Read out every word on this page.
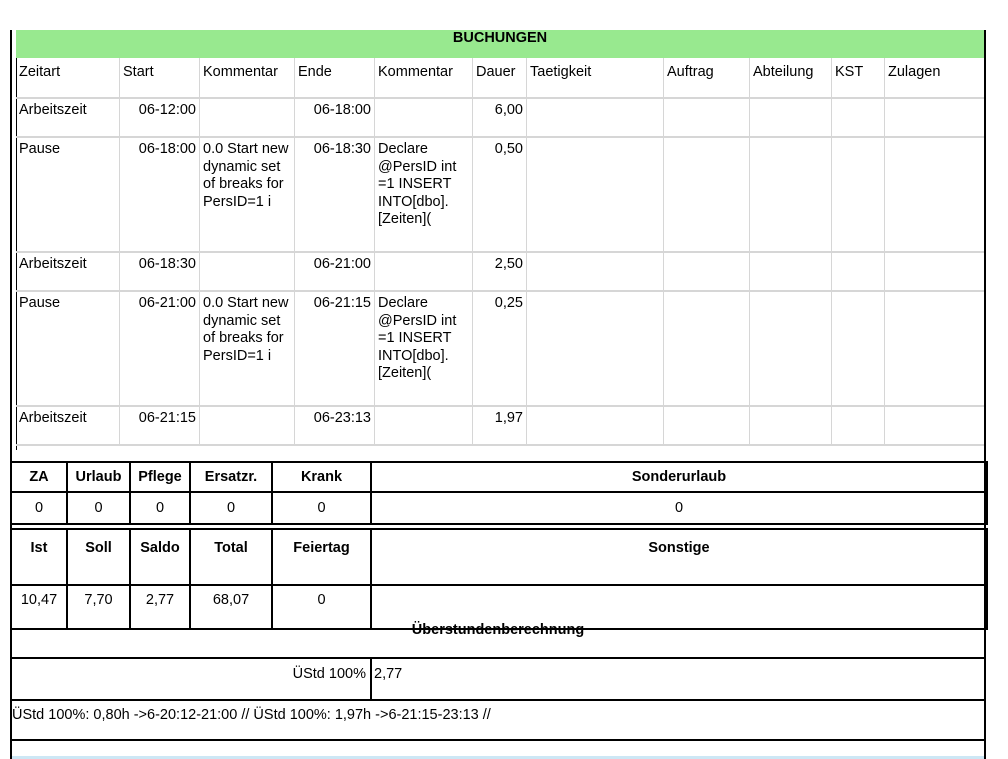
BUCHUNGEN										
Zeitart	Start	Kommentar	Ende	Kommentar	Dauer	Taetigkeit	Auftrag	Abteilung	KST	Zulagen
Arbeitszeit	06-12:00		06-18:00		6,00					
Pause	06-18:00	0.0 Start new dynamic set of breaks for PersID=1 i	06-18:30	Declare @PersID int =1 INSERT INTO[dbo].[Zeiten](	0,50					
Arbeitszeit	06-18:30		06-21:00		2,50					
Pause	06-21:00	0.0 Start new dynamic set of breaks for PersID=1 i	06-21:15	Declare @PersID int =1 INSERT INTO[dbo].[Zeiten](	0,25					
Arbeitszeit	06-21:15		06-23:13		1,97					
ZA	Urlaub	Pflege	Ersatzr.	Krank	Sonderurlaub
0	0	0	0	0	0
Ist	Soll	Saldo	Total	Feiertag	Sonstige
10,47	7,70	2,77	68,07	0	
Überstundenberechnung
ÜStd 100% 2,77
ÜStd 100%: 0,80h ->6-20:12-21:00 // ÜStd 100%: 1,97h ->6-21:15-23:13 //
